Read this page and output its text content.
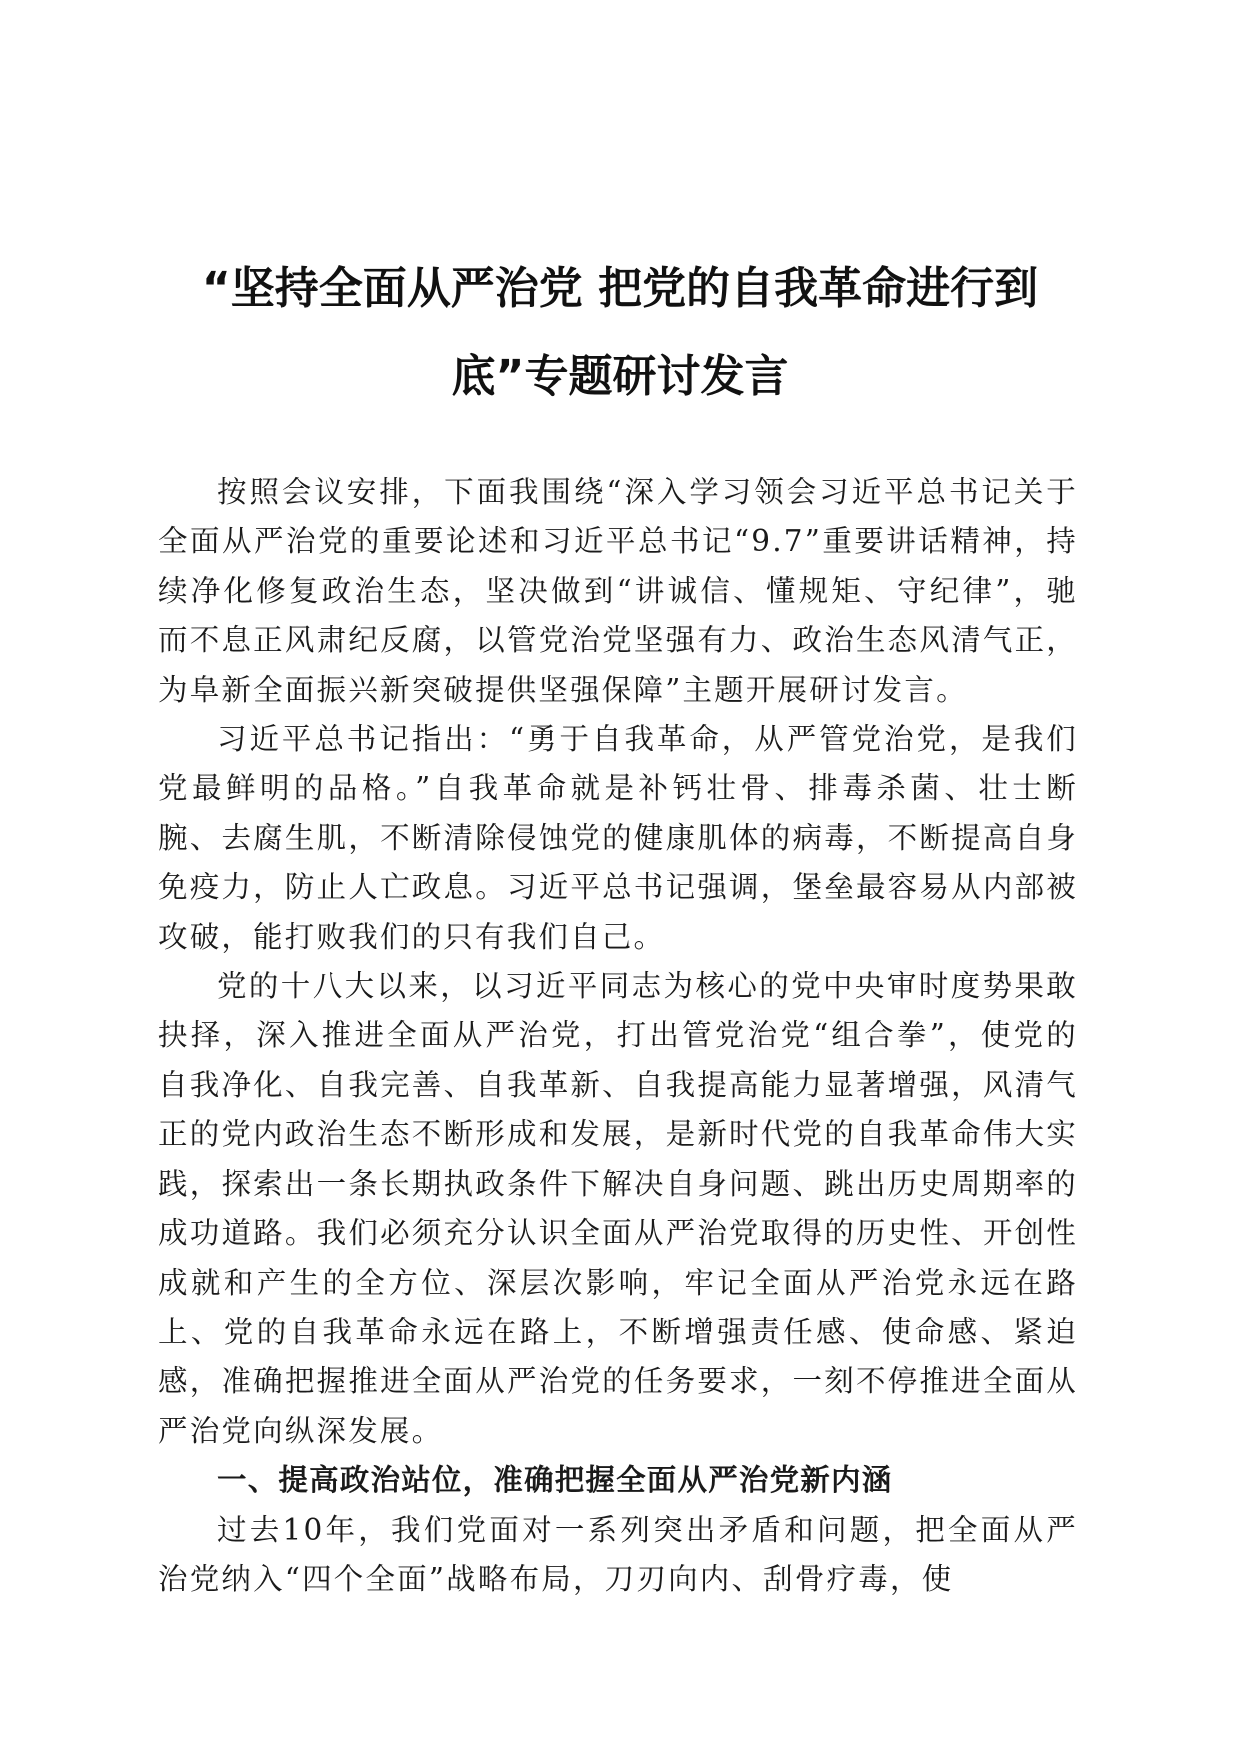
“坚持全面从严治党 把党的自我革命进行到
底”专题研讨发言

按照会议安排，下面我围绕“深入学习领会习近平总书记关于全面从严治党的重要论述和习近平总书记“9.7”重要讲话精神，持续净化修复政治生态，坚决做到“讲诚信、懂规矩、守纪律”，驰而不息正风肃纪反腐，以管党治党坚强有力、政治生态风清气正，为阜新全面振兴新突破提供坚强保障”主题开展研讨发言。

习近平总书记指出：“勇于自我革命，从严管党治党，是我们党最鲜明的品格。”自我革命就是补钙壮骨、排毒杀菌、壮士断腕、去腐生肌，不断清除侵蚀党的健康肌体的病毒，不断提高自身免疫力，防止人亡政息。习近平总书记强调，堡垒最容易从内部被攻破，能打败我们的只有我们自己。

党的十八大以来，以习近平同志为核心的党中央审时度势果敢抉择，深入推进全面从严治党，打出管党治党“组合拳”，使党的自我净化、自我完善、自我革新、自我提高能力显著增强，风清气正的党内政治生态不断形成和发展，是新时代党的自我革命伟大实践，探索出一条长期执政条件下解决自身问题、跳出历史周期率的成功道路。我们必须充分认识全面从严治党取得的历史性、开创性成就和产生的全方位、深层次影响，牢记全面从严治党永远在路上、党的自我革命永远在路上，不断增强责任感、使命感、紧迫感，准确把握推进全面从严治党的任务要求，一刻不停推进全面从严治党向纵深发展。

一、提高政治站位，准确把握全面从严治党新内涵

过去10年，我们党面对一系列突出矛盾和问题，把全面从严治党纳入“四个全面”战略布局，刀刃向内、刮骨疗毒，使
